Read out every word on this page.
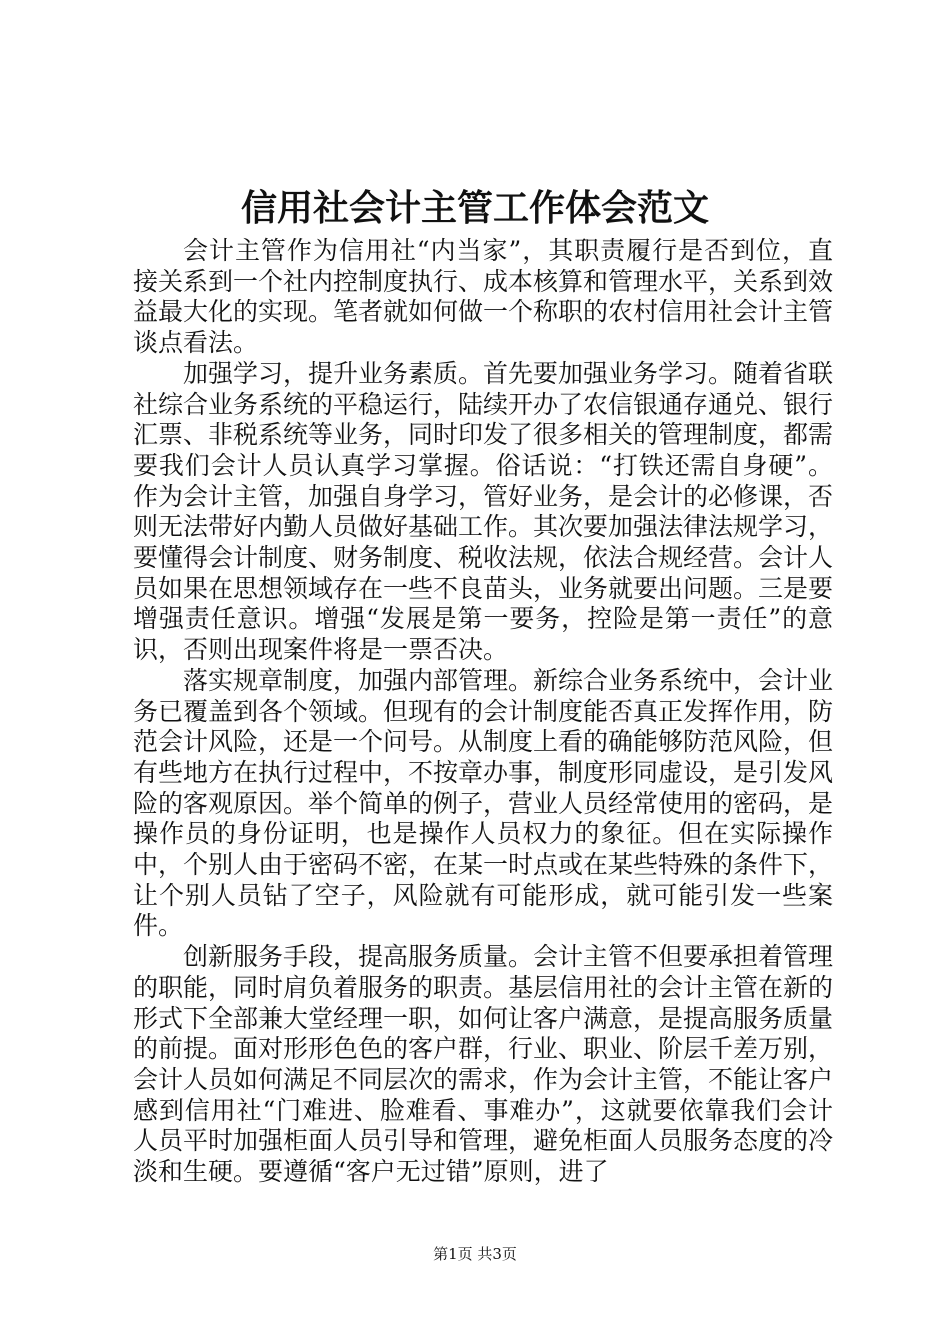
信用社会计主管工作体会范文

会计主管作为信用社“内当家”，其职责履行是否到位，直接关系到一个社内控制度执行、成本核算和管理水平，关系到效益最大化的实现。笔者就如何做一个称职的农村信用社会计主管谈点看法。

加强学习，提升业务素质。首先要加强业务学习。随着省联社综合业务系统的平稳运行，陆续开办了农信银通存通兑、银行汇票、非税系统等业务，同时印发了很多相关的管理制度，都需要我们会计人员认真学习掌握。俗话说：“打铁还需自身硬”。作为会计主管，加强自身学习，管好业务，是会计的必修课，否则无法带好内勤人员做好基础工作。其次要加强法律法规学习，要懂得会计制度、财务制度、税收法规，依法合规经营。会计人员如果在思想领域存在一些不良苗头，业务就要出问题。三是要增强责任意识。增强“发展是第一要务，控险是第一责任”的意识，否则出现案件将是一票否决。

落实规章制度，加强内部管理。新综合业务系统中，会计业务已覆盖到各个领域。但现有的会计制度能否真正发挥作用，防范会计风险，还是一个问号。从制度上看的确能够防范风险，但有些地方在执行过程中，不按章办事，制度形同虚设，是引发风险的客观原因。举个简单的例子，营业人员经常使用的密码，是操作员的身份证明，也是操作人员权力的象征。但在实际操作中，个别人由于密码不密，在某一时点或在某些特殊的条件下，让个别人员钻了空子，风险就有可能形成，就可能引发一些案件。

创新服务手段，提高服务质量。会计主管不但要承担着管理的职能，同时肩负着服务的职责。基层信用社的会计主管在新的形式下全部兼大堂经理一职，如何让客户满意，是提高服务质量的前提。面对形形色色的客户群，行业、职业、阶层千差万别，会计人员如何满足不同层次的需求，作为会计主管，不能让客户感到信用社“门难进、脸难看、事难办”，这就要依靠我们会计人员平时加强柜面人员引导和管理，避免柜面人员服务态度的冷淡和生硬。要遵循“客户无过错”原则，进了

第1页 共3页
